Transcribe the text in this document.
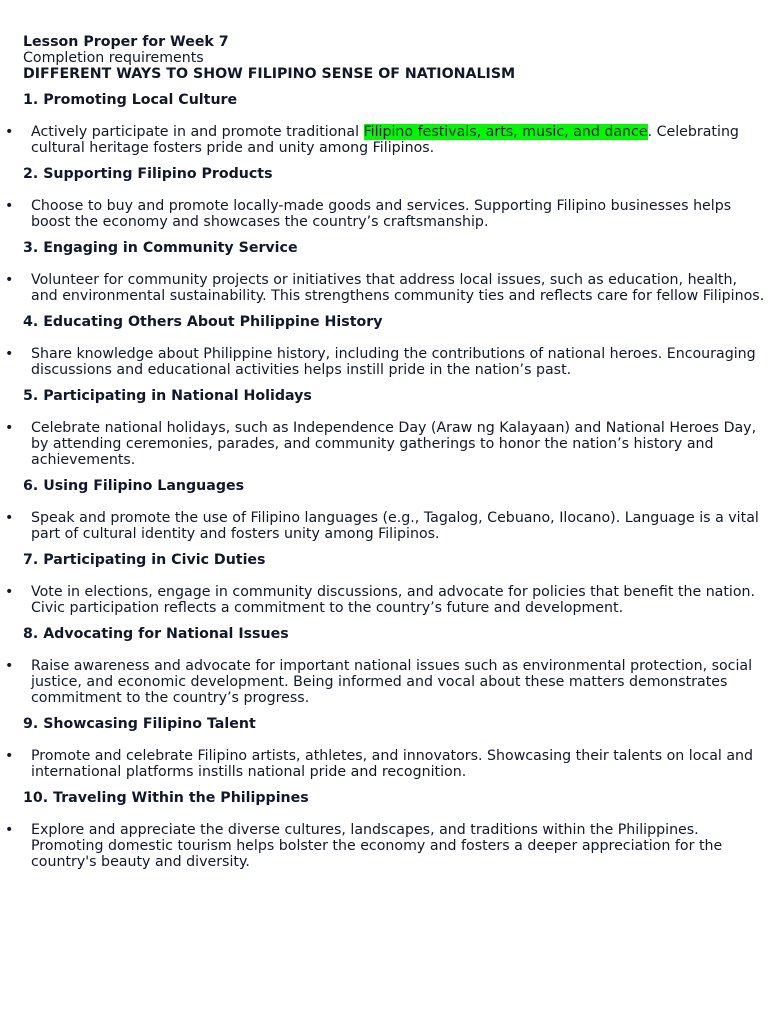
Lesson Proper for Week 7
Completion requirements
DIFFERENT WAYS TO SHOW FILIPINO SENSE OF NATIONALISM
1. Promoting Local Culture
• Actively participate in and promote traditional Filipino festivals, arts, music, and dance. Celebrating cultural heritage fosters pride and unity among Filipinos.
2. Supporting Filipino Products
• Choose to buy and promote locally-made goods and services. Supporting Filipino businesses helps boost the economy and showcases the country’s craftsmanship.
3. Engaging in Community Service
• Volunteer for community projects or initiatives that address local issues, such as education, health, and environmental sustainability. This strengthens community ties and reflects care for fellow Filipinos.
4. Educating Others About Philippine History
• Share knowledge about Philippine history, including the contributions of national heroes. Encouraging discussions and educational activities helps instill pride in the nation’s past.
5. Participating in National Holidays
• Celebrate national holidays, such as Independence Day (Araw ng Kalayaan) and National Heroes Day, by attending ceremonies, parades, and community gatherings to honor the nation’s history and achievements.
6. Using Filipino Languages
• Speak and promote the use of Filipino languages (e.g., Tagalog, Cebuano, Ilocano). Language is a vital part of cultural identity and fosters unity among Filipinos.
7. Participating in Civic Duties
• Vote in elections, engage in community discussions, and advocate for policies that benefit the nation. Civic participation reflects a commitment to the country’s future and development.
8. Advocating for National Issues
• Raise awareness and advocate for important national issues such as environmental protection, social justice, and economic development. Being informed and vocal about these matters demonstrates commitment to the country’s progress.
9. Showcasing Filipino Talent
• Promote and celebrate Filipino artists, athletes, and innovators. Showcasing their talents on local and international platforms instills national pride and recognition.
10. Traveling Within the Philippines
• Explore and appreciate the diverse cultures, landscapes, and traditions within the Philippines. Promoting domestic tourism helps bolster the economy and fosters a deeper appreciation for the country's beauty and diversity.
